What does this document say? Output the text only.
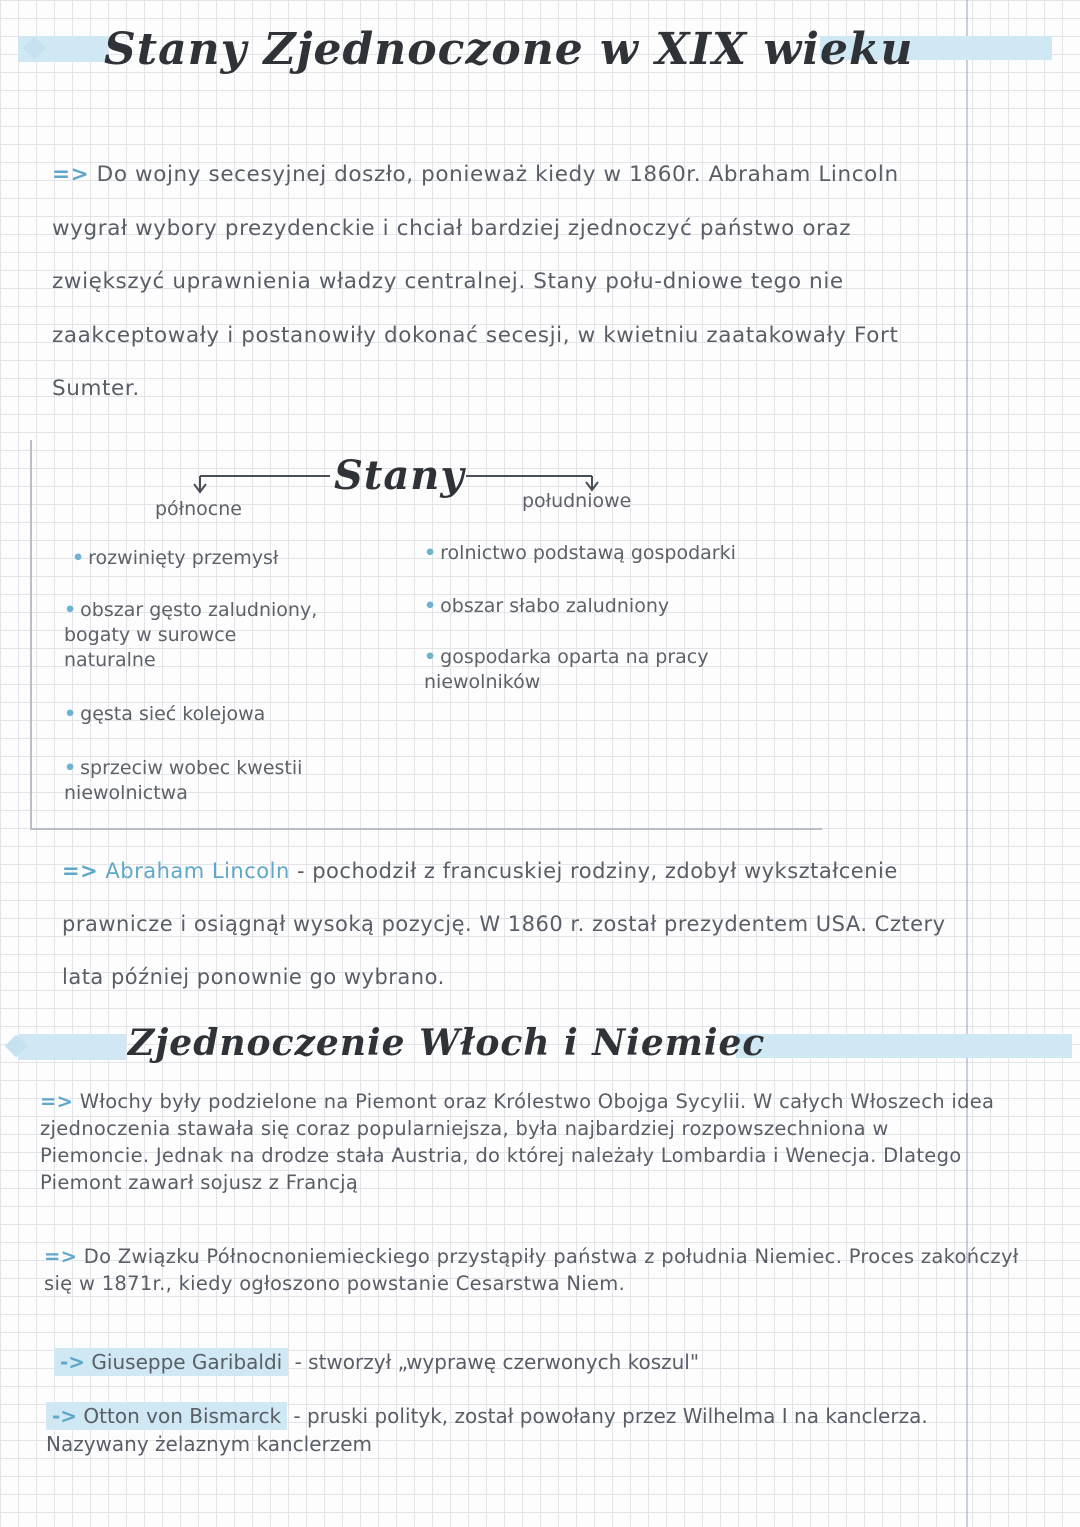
Stany Zjednoczone w XIX wieku
=> Do wojny secesyjnej doszło, ponieważ kiedy w 1860r. Abraham Lincoln wygrał wybory prezydenckie i chciał bardziej zjednoczyć państwo oraz zwiększyć uprawnienia władzy centralnej. Stany połu-dniowe tego nie zaakceptowały i postanowiły dokonać secesji, w kwietniu zaatakowały Fort Sumter.
Stany
północne	południowe
• rozwinięty przemysł
• obszar gęsto zaludniony, bogaty w surowce naturalne
• gęsta sieć kolejowa
• sprzeciw wobec kwestii niewolnictwa
• rolnictwo podstawą gospodarki
• obszar słabo zaludniony
• gospodarka oparta na pracy niewolników
=> Abraham Lincoln - pochodził z francuskiej rodziny, zdobył wykształcenie prawnicze i osiągnął wysoką pozycję. W 1860 r. został prezydentem USA. Cztery lata później ponownie go wybrano.
Zjednoczenie Włoch i Niemiec
=> Włochy były podzielone na Piemont oraz Królestwo Obojga Sycylii. W całych Włoszech idea zjednoczenia stawała się coraz popularniejsza, była najbardziej rozpowszechniona w Piemoncie. Jednak na drodze stała Austria, do której należały Lombardia i Wenecja. Dlatego Piemont zawarł sojusz z Francją
=> Do Związku Północnoniemieckiego przystąpiły państwa z południa Niemiec. Proces zakończył się w 1871r., kiedy ogłoszono powstanie Cesarstwa Niem.
-> Giuseppe Garibaldi - stworzył „wyprawę czerwonych koszul"
-> Otton von Bismarck - pruski polityk, został powołany przez Wilhelma I na kanclerza. Nazywany żelaznym kanclerzem
